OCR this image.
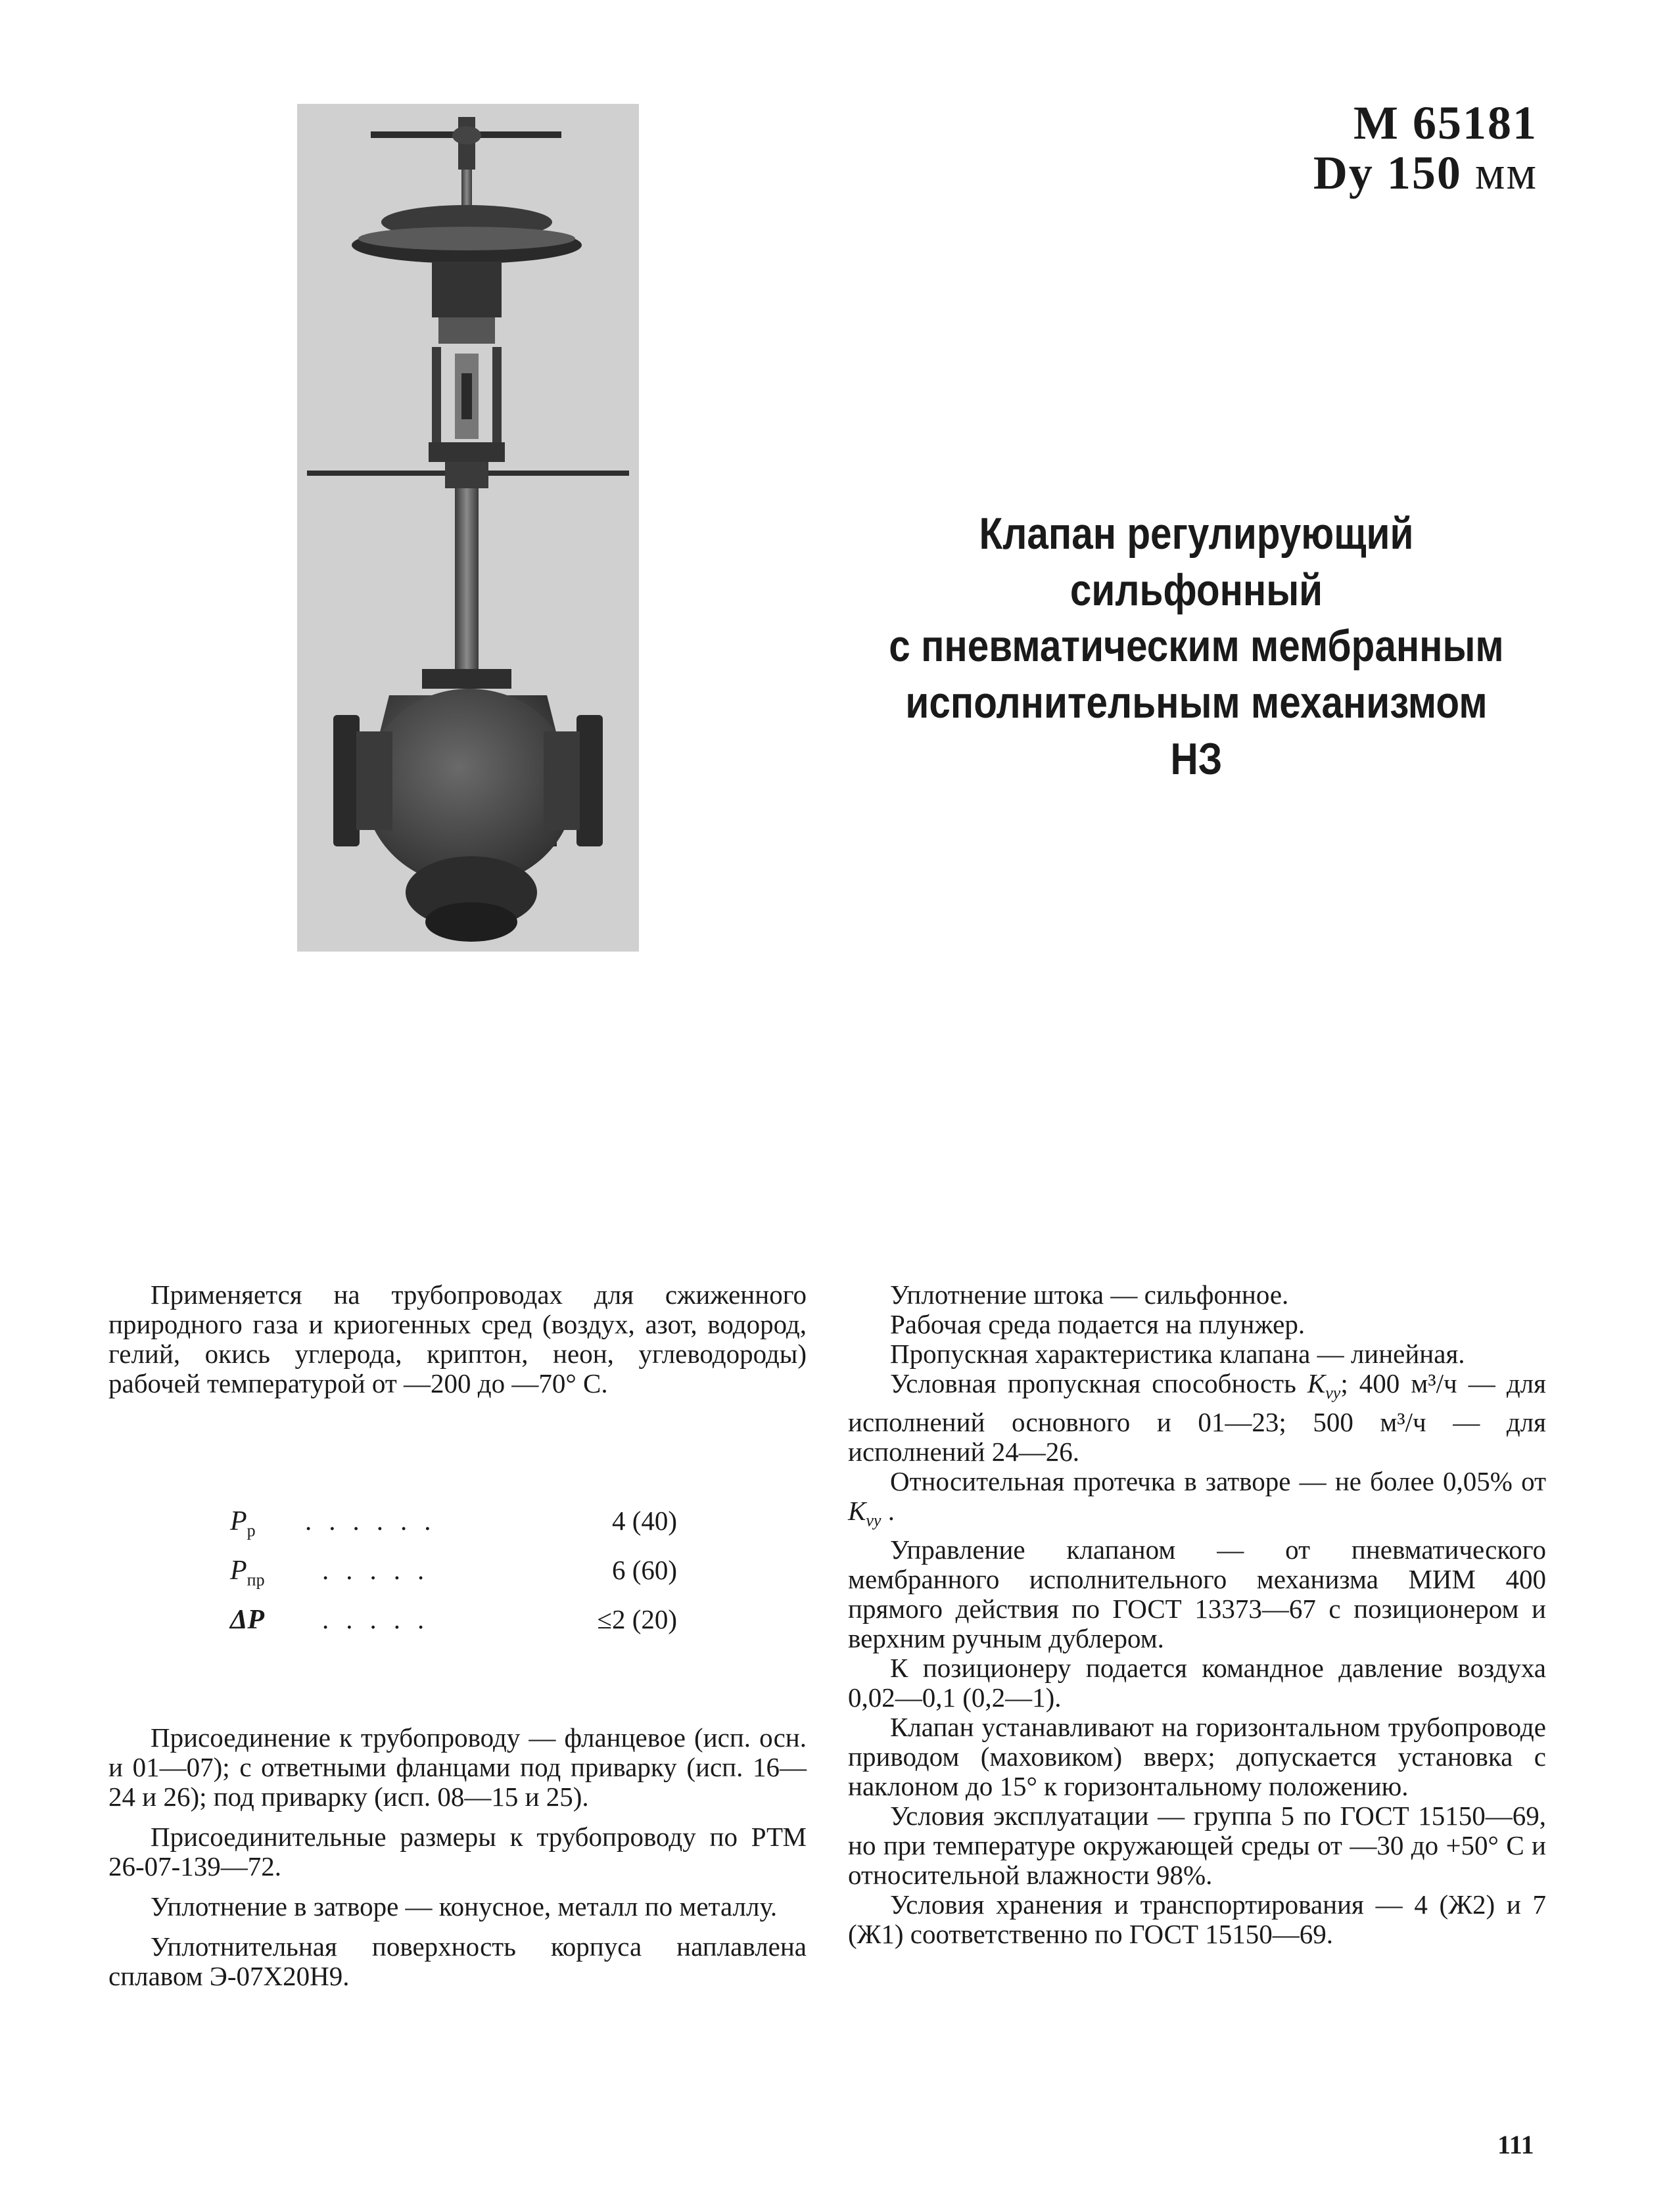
М 65181
Dy 150 мм
Клапан регулирующий
сильфонный
с пневматическим мембранным
исполнительным механизмом
НЗ

Применяется на трубопроводах для сжиженного природного газа и криогенных сред (воздух, азот, водород, гелий, окись углерода, криптон, неон, углеводороды) рабочей температурой от —200 до —70° С.

$P_р$	......	4 (40)
$P_{пр}$	.....	6 (60)
ΔP	.....	≤2 (20)

Присоединение к трубопроводу — фланцевое (исп. осн. и 01—07); с ответными фланцами под приварку (исп. 16—24 и 26); под приварку (исп. 08—15 и 25).

Присоединительные размеры к трубопроводу по РТМ 26-07-139—72.

Уплотнение в затворе — конусное, металл по металлу.

Уплотнительная поверхность корпуса наплавлена сплавом Э-07Х20Н9.

Уплотнение штока — сильфонное.

Рабочая среда подается на плунжер.

Пропускная характеристика клапана — линейная.

Условная пропускная способность $K_{vy}$; 400 м³/ч — для исполнений основного и 01—23; 500 м³/ч — для исполнений 24—26.

Относительная протечка в затворе — не более 0,05% от $K_{vy}$ .

Управление клапаном — от пневматического мембранного исполнительного механизма МИМ 400 прямого действия по ГОСТ 13373—67 с позиционером и верхним ручным дублером.

К позиционеру подается командное давление воздуха 0,02—0,1 (0,2—1).

Клапан устанавливают на горизонтальном трубопроводе приводом (маховиком) вверх; допускается установка с наклоном до 15° к горизонтальному положению.

Условия эксплуатации — группа 5 по ГОСТ 15150—69, но при температуре окружающей среды от —30 до +50° С и относительной влажности 98%.

Условия хранения и транспортирования — 4 (Ж2) и 7 (Ж1) соответственно по ГОСТ 15150—69.

111
